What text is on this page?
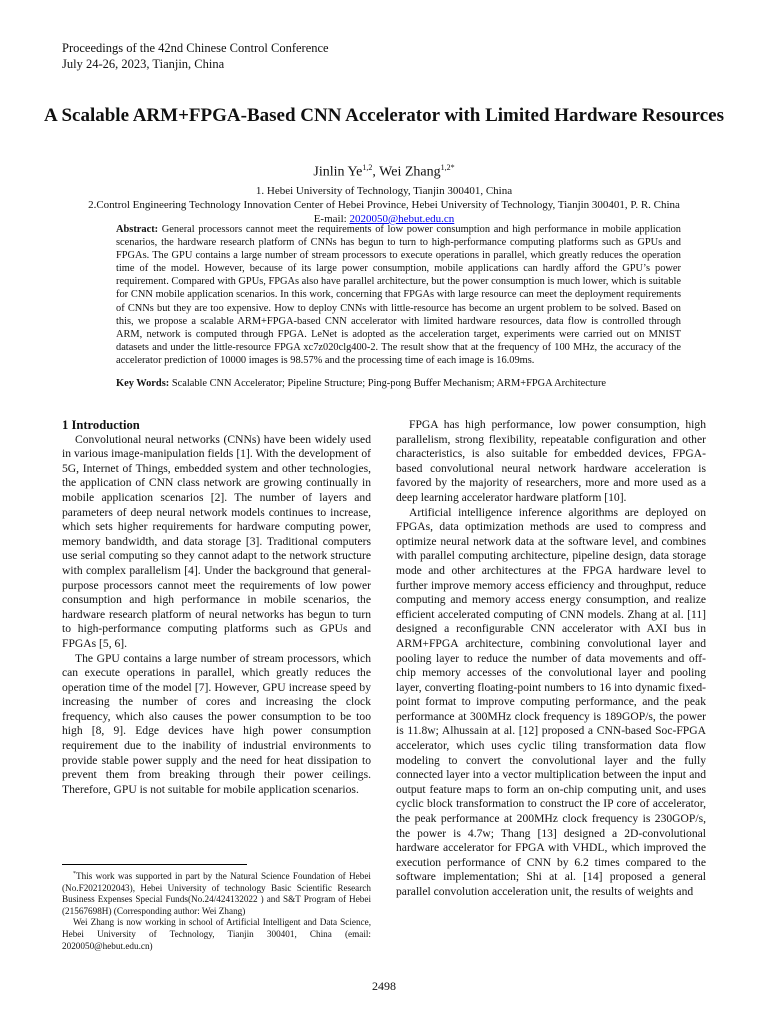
Proceedings of the 42nd Chinese Control Conference
July 24-26, 2023, Tianjin, China
A Scalable ARM+FPGA-Based CNN Accelerator with Limited Hardware Resources
Jinlin Ye$^{1,2}$, Wei Zhang$^{1,2*}$
1. Hebei University of Technology, Tianjin 300401, China
2.Control Engineering Technology Innovation Center of Hebei Province, Hebei University of Technology, Tianjin 300401, P. R. China
E-mail: 2020050@hebut.edu.cn
Abstract: General processors cannot meet the requirements of low power consumption and high performance in mobile application scenarios, the hardware research platform of CNNs has begun to turn to high-performance computing platforms such as GPUs and FPGAs. The GPU contains a large number of stream processors to execute operations in parallel, which greatly reduces the operation time of the model. However, because of its large power consumption, mobile applications can hardly afford the GPU’s power requirement. Compared with GPUs, FPGAs also have parallel architecture, but the power consumption is much lower, which is suitable for CNN mobile application scenarios. In this work, concerning that FPGAs with large resource can meet the deployment requirements of CNNs but they are too expensive. How to deploy CNNs with little-resource has become an urgent problem to be solved. Based on this, we propose a scalable ARM+FPGA-based CNN accelerator with limited hardware resources, data flow is controlled through ARM, network is computed through FPGA. LeNet is adopted as the acceleration target, experiments were carried out on MNIST datasets and under the little-resource FPGA xc7z020clg400-2. The result show that at the frequency of 100 MHz, the accuracy of the accelerator prediction of 10000 images is 98.57% and the processing time of each image is 16.09ms.
Key Words: Scalable CNN Accelerator; Pipeline Structure; Ping-pong Buffer Mechanism; ARM+FPGA Architecture

1 Introduction

Convolutional neural networks (CNNs) have been widely used in various image-manipulation fields [1]. With the development of 5G, Internet of Things, embedded system and other technologies, the application of CNN class network are growing continually in mobile application scenarios [2]. The number of layers and parameters of deep neural network models continues to increase, which sets higher requirements for hardware computing power, memory bandwidth, and data storage [3]. Traditional computers use serial computing so they cannot adapt to the network structure with complex parallelism [4]. Under the background that general-purpose processors cannot meet the requirements of low power consumption and high performance in mobile scenarios, the hardware research platform of neural networks has begun to turn to high-performance computing platforms such as GPUs and FPGAs [5, 6].

The GPU contains a large number of stream processors, which can execute operations in parallel, which greatly reduces the operation time of the model [7]. However, GPU increase speed by increasing the number of cores and increasing the clock frequency, which also causes the power consumption to be too high [8, 9]. Edge devices have high power consumption requirement due to the inability of industrial environments to provide stable power supply and the need for heat dissipation to prevent them from breaking through their power ceilings. Therefore, GPU is not suitable for mobile application scenarios.

FPGA has high performance, low power consumption, high parallelism, strong flexibility, repeatable configuration and other characteristics, is also suitable for embedded devices, FPGA-based convolutional neural network hardware acceleration is favored by the majority of researchers, more and more used as a deep learning accelerator hardware platform [10].

Artificial intelligence inference algorithms are deployed on FPGAs, data optimization methods are used to compress and optimize neural network data at the software level, and combines with parallel computing architecture, pipeline design, data storage mode and other architectures at the FPGA hardware level to further improve memory access efficiency and throughput, reduce computing and memory access energy consumption, and realize efficient accelerated computing of CNN models. Zhang at al. [11] designed a reconfigurable CNN accelerator with AXI bus in ARM+FPGA architecture, combining convolutional layer and pooling layer to reduce the number of data movements and off-chip memory accesses of the convolutional layer and pooling layer, converting floating-point numbers to 16 into dynamic fixed-point format to improve computing performance, and the peak performance at 300MHz clock frequency is 189GOP/s, the power is 11.8w; Alhussain at al. [12] proposed a CNN-based Soc-FPGA accelerator, which uses cyclic tiling transformation data flow modeling to convert the convolutional layer and the fully connected layer into a vector multiplication between the input and output feature maps to form an on-chip computing unit, and uses cyclic block transformation to construct the IP core of accelerator, the peak performance at 200MHz clock frequency is 230GOP/s, the power is 4.7w; Thang [13] designed a 2D-convolutional hardware accelerator for FPGA with VHDL, which improved the execution performance of CNN by 6.2 times compared to the software implementation; Shi at al. [14] proposed a general parallel convolution acceleration unit, the results of weights and

*This work was supported in part by the Natural Science Foundation of Hebei (No.F2021202043), Hebei University of technology Basic Scientific Research Business Expenses Special Funds(No.24/424132022 ) and S&T Program of Hebei (21567698H) (Corresponding author: Wei Zhang)

Wei Zhang is now working in school of Artificial Intelligent and Data Science, Hebei University of Technology, Tianjin 300401, China (email: 2020050@hebut.edu.cn)

2498
